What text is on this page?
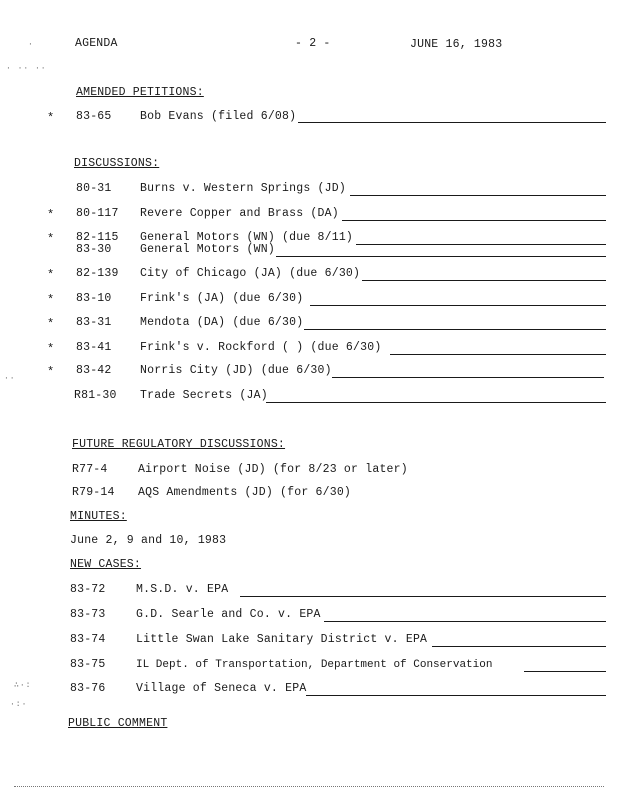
AGENDA	- 2 -	JUNE 16, 1983
AMENDED PETITIONS:
* 83-65 Bob Evans (filed 6/08)
DISCUSSIONS:
80-31 Burns v. Western Springs (JD)
* 80-117 Revere Copper and Brass (DA)
* 82-115 General Motors (WN) (due 8/11)
83-30 General Motors (WN)
* 82-139 City of Chicago (JA) (due 6/30)
* 83-10 Frink's (JA) (due 6/30)
* 83-31 Mendota (DA) (due 6/30)
* 83-41 Frink's v. Rockford ( ) (due 6/30)
* 83-42 Norris City (JD) (due 6/30)
R81-30 Trade Secrets (JA)
FUTURE REGULATORY DISCUSSIONS:
R77-4	Airport Noise (JD) (for 8/23 or later)
R79-14 AQS Amendments (JD) (for 6/30)
MINUTES:
June 2, 9 and 10, 1983
NEW CASES:
83-72	M.S.D. v. EPA
83-73	G.D. Searle and Co. v. EPA
83-74	Little Swan Lake Sanitary District v. EPA
83-75	IL Dept. of Transportation, Department of Conservation
83-76	Village of Seneca v. EPA
PUBLIC COMMENT
· ·· ··
·
··
∴·:
·:·
